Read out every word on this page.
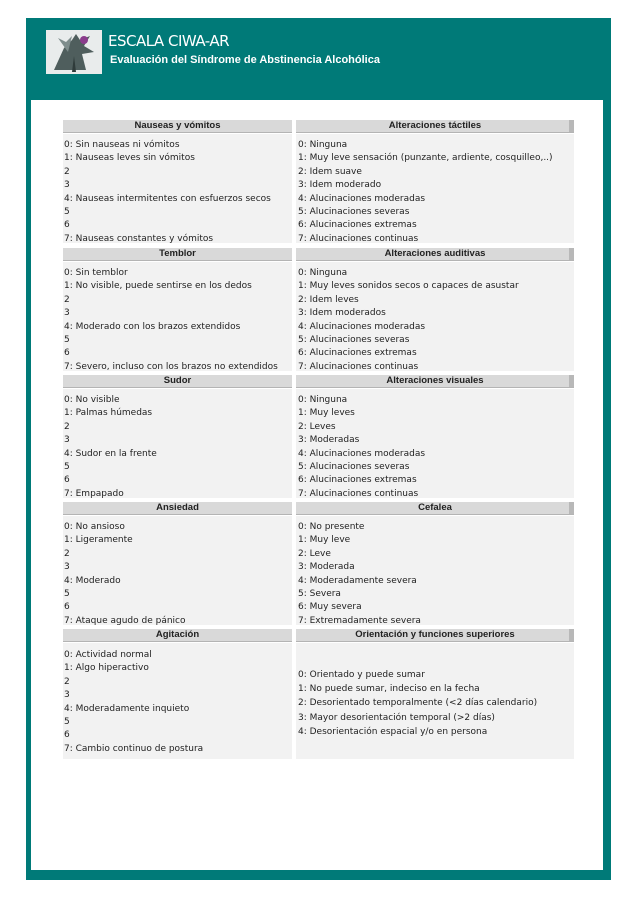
ESCALA CIWA-AR
Evaluación del Síndrome de Abstinencia Alcohólica
Nauseas y vómitos
0: Sin nauseas ni vómitos
1: Nauseas leves sin vómitos
2
3
4: Nauseas intermitentes con esfuerzos secos
5
6
7: Nauseas constantes y vómitos
Alteraciones táctiles
0: Ninguna
1: Muy leve sensación (punzante, ardiente, cosquilleo,..)
2: Idem suave
3: Idem moderado
4: Alucinaciones moderadas
5: Alucinaciones severas
6: Alucinaciones extremas
7: Alucinaciones continuas
Temblor
0: Sin temblor
1: No visible, puede sentirse en los dedos
2
3
4: Moderado con los brazos extendidos
5
6
7: Severo, incluso con los brazos no extendidos
Alteraciones auditivas
0: Ninguna
1: Muy leves sonidos secos o capaces de asustar
2: Idem leves
3: Idem moderados
4: Alucinaciones moderadas
5: Alucinaciones severas
6: Alucinaciones extremas
7: Alucinaciones continuas
Sudor
0: No visible
1: Palmas húmedas
2
3
4: Sudor en la frente
5
6
7: Empapado
Alteraciones visuales
0: Ninguna
1: Muy leves
2: Leves
3: Moderadas
4: Alucinaciones moderadas
5: Alucinaciones severas
6: Alucinaciones extremas
7: Alucinaciones continuas
Ansiedad
0: No ansioso
1: Ligeramente
2
3
4: Moderado
5
6
7: Ataque agudo de pánico
Cefalea
0: No presente
1: Muy leve
2: Leve
3: Moderada
4: Moderadamente severa
5: Severa
6: Muy severa
7: Extremadamente severa
Agitación
0: Actividad normal
1: Algo hiperactivo
2
3
4: Moderadamente inquieto
5
6
7: Cambio continuo de postura
Orientación y funciones superiores
0: Orientado y puede sumar
1: No puede sumar, indeciso en la fecha
2: Desorientado temporalmente (<2 días calendario)
3: Mayor desorientación temporal (>2 días)
4: Desorientación espacial y/o en persona
